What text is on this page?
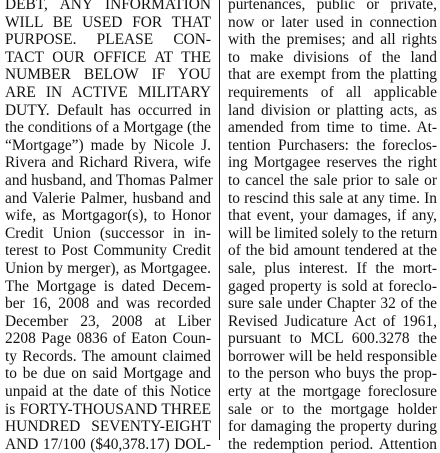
DEBT, ANY INFORMATION
WILL BE USED FOR THAT
PURPOSE. PLEASE CON-
TACT OUR OFFICE AT THE
NUMBER BELOW IF YOU
ARE IN ACTIVE MILITARY
DUTY. Default has occurred in
the conditions of a Mortgage (the
“Mortgage”) made by Nicole J.
Rivera and Richard Rivera, wife
and husband, and Thomas Palmer
and Valerie Palmer, husband and
wife, as Mortgagor(s), to Honor
Credit Union (successor in in-
terest to Post Community Credit
Union by merger), as Mortgagee.
The Mortgage is dated Decem-
ber 16, 2008 and was recorded
December 23, 2008 at Liber
2208 Page 0836 of Eaton Coun-
ty Records. The amount claimed
to be due on said Mortgage and
unpaid at the date of this Notice
is FORTY-THOUSAND THREE
HUNDRED SEVENTY-EIGHT
AND 17/100 ($40,378.17) DOL-
purtenances, public or private,
now or later used in connection
with the premises; and all rights
to make divisions of the land
that are exempt from the platting
requirements of all applicable
land division or platting acts, as
amended from time to time. At-
tention Purchasers: the foreclos-
ing Mortgagee reserves the right
to cancel the sale prior to sale or
to rescind this sale at any time. In
that event, your damages, if any,
will be limited solely to the return
of the bid amount tendered at the
sale, plus interest. If the mort-
gaged property is sold at foreclo-
sure sale under Chapter 32 of the
Revised Judicature Act of 1961,
pursuant to MCL 600.3278 the
borrower will be held responsible
to the person who buys the prop-
erty at the mortgage foreclosure
sale or to the mortgage holder
for damaging the property during
the redemption period. Attention
